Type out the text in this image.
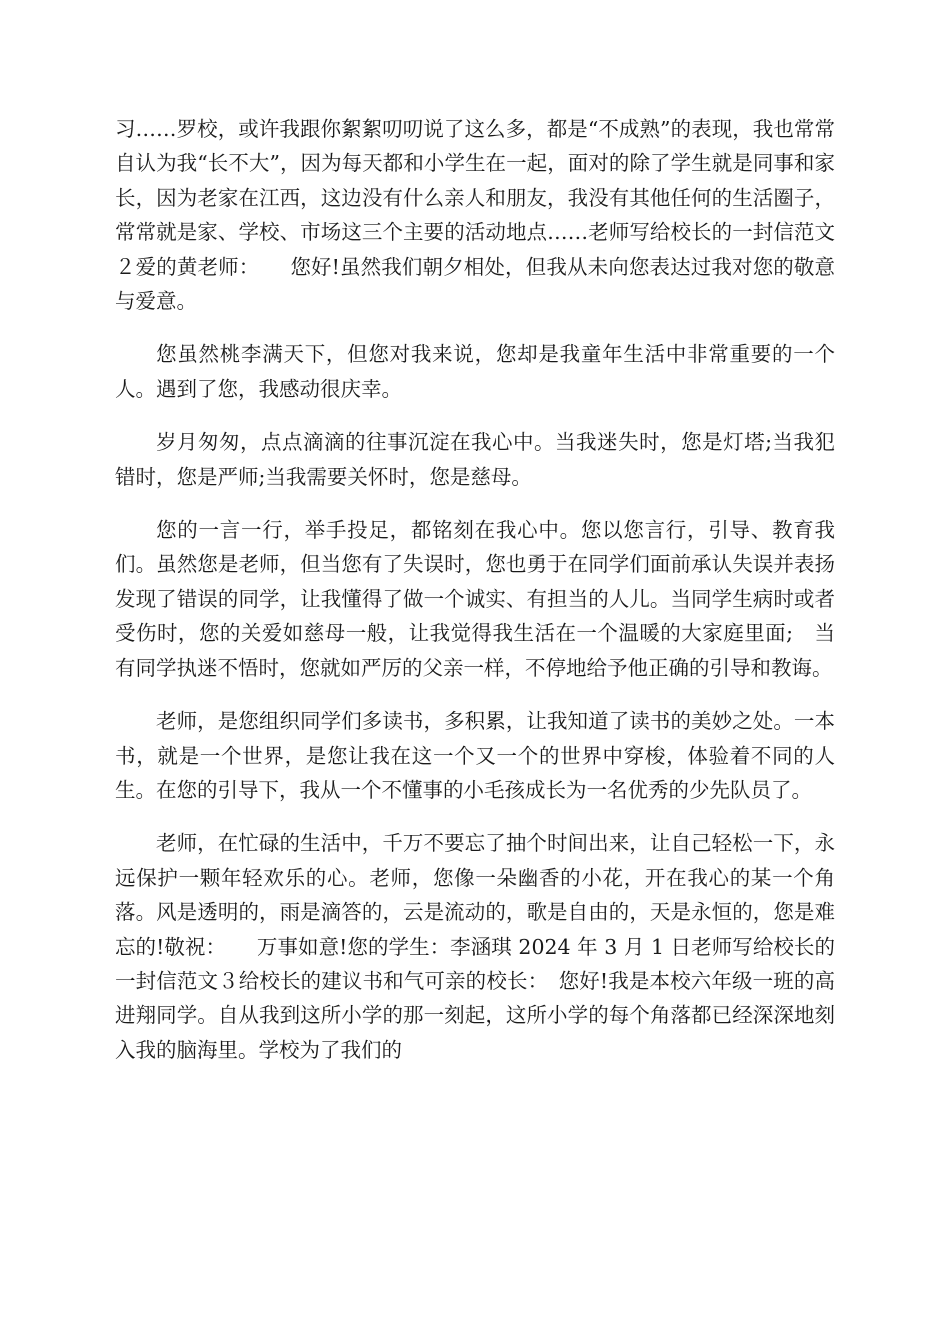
习……罗校，或许我跟你絮絮叨叨说了这么多，都是“不成熟”的表现，我也常常自认为我“长不大”，因为每天都和小学生在一起，面对的除了学生就是同事和家长，因为老家在江西，这边没有什么亲人和朋友，我没有其他任何的生活圈子，常常就是家、学校、市场这三个主要的活动地点……老师写给校长的一封信范文２爱的黄老师：　　您好!虽然我们朝夕相处，但我从未向您表达过我对您的敬意与爱意。

您虽然桃李满天下，但您对我来说，您却是我童年生活中非常重要的一个人。遇到了您，我感动很庆幸。

岁月匆匆，点点滴滴的往事沉淀在我心中。当我迷失时，您是灯塔;当我犯错时，您是严师;当我需要关怀时，您是慈母。

您的一言一行，举手投足，都铭刻在我心中。您以您言行，引导、教育我们。虽然您是老师，但当您有了失误时，您也勇于在同学们面前承认失误并表扬发现了错误的同学，让我懂得了做一个诚实、有担当的人儿。当同学生病时或者受伤时，您的关爱如慈母一般，让我觉得我生活在一个温暖的大家庭里面;　当有同学执迷不悟时，您就如严厉的父亲一样，不停地给予他正确的引导和教诲。

老师，是您组织同学们多读书，多积累，让我知道了读书的美妙之处。一本书，就是一个世界，是您让我在这一个又一个的世界中穿梭，体验着不同的人生。在您的引导下，我从一个不懂事的小毛孩成长为一名优秀的少先队员了。

老师，在忙碌的生活中，千万不要忘了抽个时间出来，让自己轻松一下，永远保护一颗年轻欢乐的心。老师，您像一朵幽香的小花，开在我心的某一个角落。风是透明的，雨是滴答的，云是流动的，歌是自由的，天是永恒的，您是难忘的!敬祝：　　万事如意!您的学生：李涵琪 2024 年 3 月 1 日老师写给校长的一封信范文３给校长的建议书和气可亲的校长：　您好!我是本校六年级一班的高进翔同学。自从我到这所小学的那一刻起，这所小学的每个角落都已经深深地刻入我的脑海里。学校为了我们的
